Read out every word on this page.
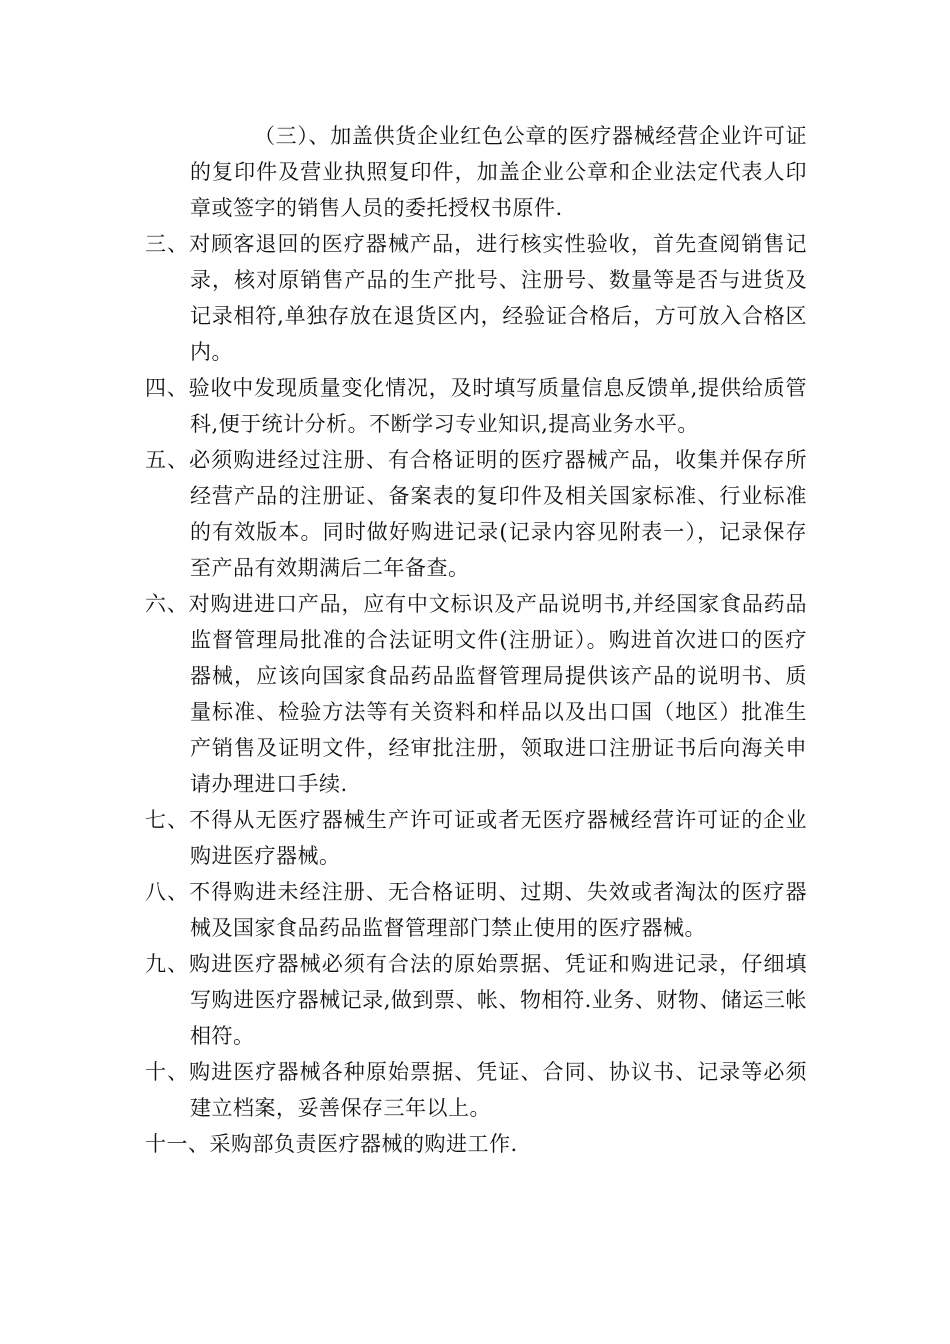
（三）、加盖供货企业红色公章的医疗器械经营企业许可证的复印件及营业执照复印件，加盖企业公章和企业法定代表人印章或签字的销售人员的委托授权书原件.

三、对顾客退回的医疗器械产品，进行核实性验收，首先查阅销售记录，核对原销售产品的生产批号、注册号、数量等是否与进货及记录相符,单独存放在退货区内，经验证合格后，方可放入合格区内。

四、验收中发现质量变化情况，及时填写质量信息反馈单,提供给质管科,便于统计分析。不断学习专业知识,提高业务水平。

五、必须购进经过注册、有合格证明的医疗器械产品，收集并保存所经营产品的注册证、备案表的复印件及相关国家标准、行业标准的有效版本。同时做好购进记录(记录内容见附表一），记录保存至产品有效期满后二年备查。

六、对购进进口产品，应有中文标识及产品说明书,并经国家食品药品监督管理局批准的合法证明文件(注册证）。购进首次进口的医疗器械，应该向国家食品药品监督管理局提供该产品的说明书、质量标准、检验方法等有关资料和样品以及出口国（地区）批准生产销售及证明文件，经审批注册，领取进口注册证书后向海关申请办理进口手续.

七、不得从无医疗器械生产许可证或者无医疗器械经营许可证的企业购进医疗器械。

八、不得购进未经注册、无合格证明、过期、失效或者淘汰的医疗器械及国家食品药品监督管理部门禁止使用的医疗器械。

九、购进医疗器械必须有合法的原始票据、凭证和购进记录，仔细填写购进医疗器械记录,做到票、帐、物相符.业务、财物、储运三帐相符。

十、购进医疗器械各种原始票据、凭证、合同、协议书、记录等必须建立档案，妥善保存三年以上。

十一、采购部负责医疗器械的购进工作.
